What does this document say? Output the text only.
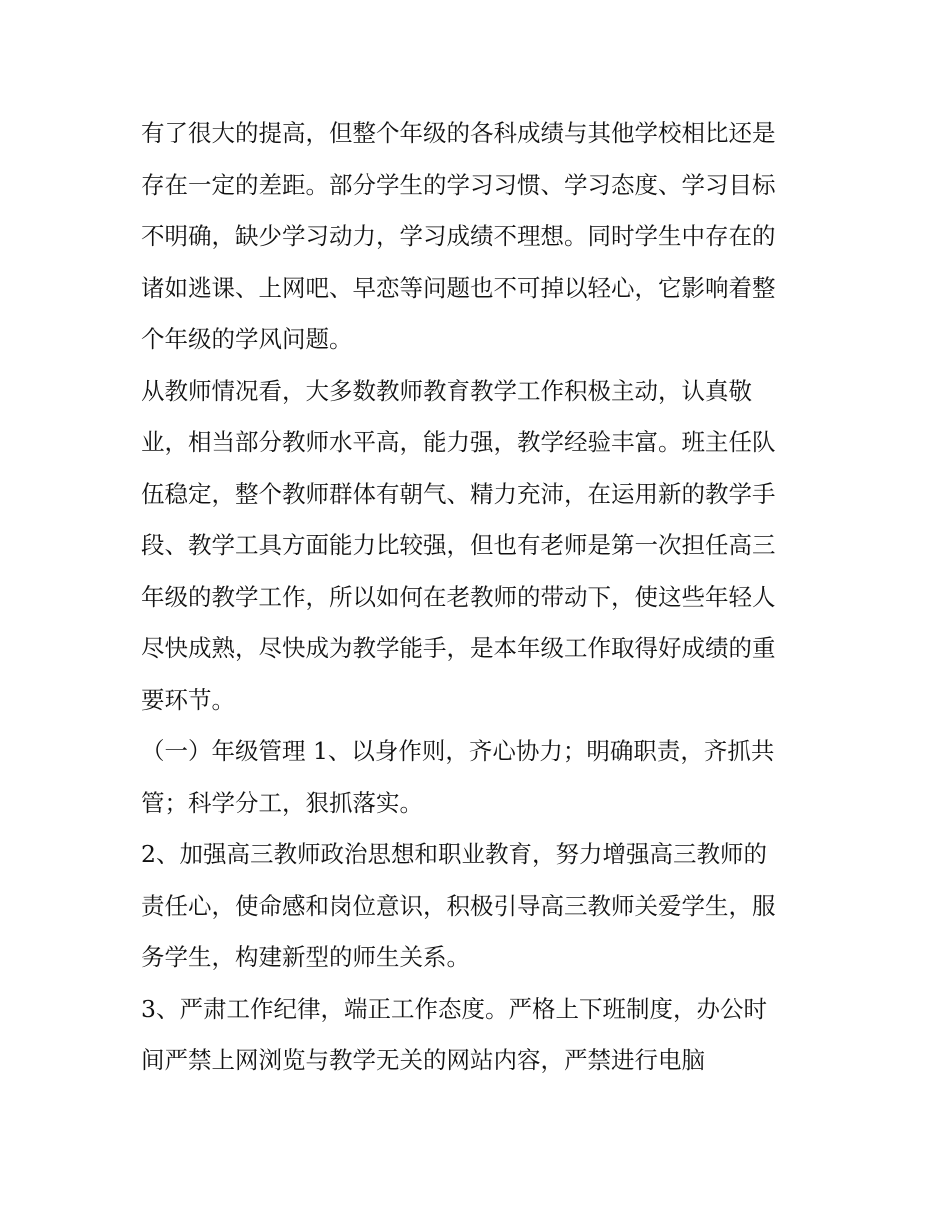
有了很大的提高，但整个年级的各科成绩与其他学校相比还是
存在一定的差距。部分学生的学习习惯、学习态度、学习目标
不明确，缺少学习动力，学习成绩不理想。同时学生中存在的
诸如逃课、上网吧、早恋等问题也不可掉以轻心，它影响着整
个年级的学风问题。
从教师情况看，大多数教师教育教学工作积极主动，认真敬
业，相当部分教师水平高，能力强，教学经验丰富。班主任队
伍稳定，整个教师群体有朝气、精力充沛，在运用新的教学手
段、教学工具方面能力比较强，但也有老师是第一次担任高三
年级的教学工作，所以如何在老教师的带动下，使这些年轻人
尽快成熟，尽快成为教学能手，是本年级工作取得好成绩的重
要环节。
（一）年级管理 1、以身作则，齐心协力；明确职责，齐抓共
管；科学分工，狠抓落实。
2、加强高三教师政治思想和职业教育，努力增强高三教师的
责任心，使命感和岗位意识，积极引导高三教师关爱学生，服
务学生，构建新型的师生关系。
3、严肃工作纪律，端正工作态度。严格上下班制度，办公时
间严禁上网浏览与教学无关的网站内容，严禁进行电脑
